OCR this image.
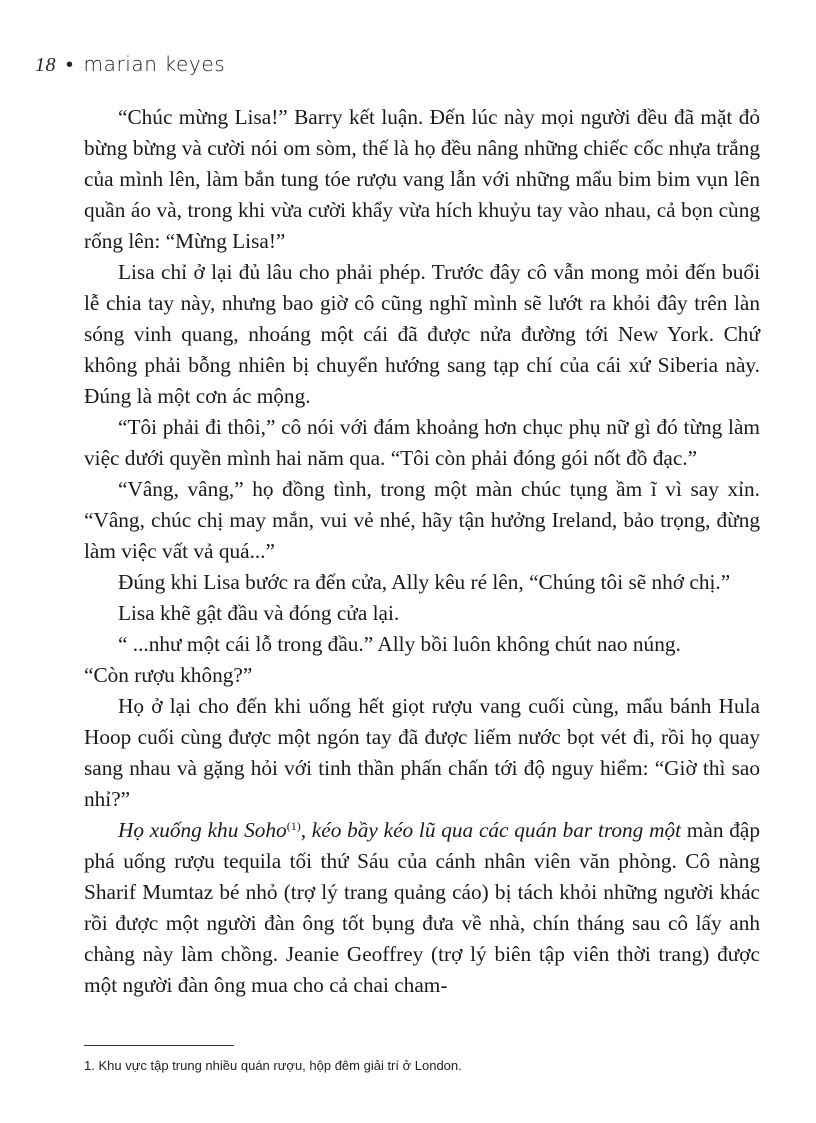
18 • marian keyes

“Chúc mừng Lisa!” Barry kết luận. Đến lúc này mọi người đều đã mặt đỏ bừng bừng và cười nói om sòm, thế là họ đều nâng những chiếc cốc nhựa trắng của mình lên, làm bắn tung tóe rượu vang lẫn với những mẩu bim bim vụn lên quần áo và, trong khi vừa cười khẩy vừa hích khuỷu tay vào nhau, cả bọn cùng rống lên: “Mừng Lisa!”

Lisa chỉ ở lại đủ lâu cho phải phép. Trước đây cô vẫn mong mỏi đến buổi lễ chia tay này, nhưng bao giờ cô cũng nghĩ mình sẽ lướt ra khỏi đây trên làn sóng vinh quang, nhoáng một cái đã được nửa đường tới New York. Chứ không phải bỗng nhiên bị chuyển hướng sang tạp chí của cái xứ Siberia này. Đúng là một cơn ác mộng.

“Tôi phải đi thôi,” cô nói với đám khoảng hơn chục phụ nữ gì đó từng làm việc dưới quyền mình hai năm qua. “Tôi còn phải đóng gói nốt đồ đạc.”

“Vâng, vâng,” họ đồng tình, trong một màn chúc tụng ầm ĩ vì say xỉn. “Vâng, chúc chị may mắn, vui vẻ nhé, hãy tận hưởng Ireland, bảo trọng, đừng làm việc vất vả quá...”

Đúng khi Lisa bước ra đến cửa, Ally kêu ré lên, “Chúng tôi sẽ nhớ chị.”

Lisa khẽ gật đầu và đóng cửa lại.

“ ...như một cái lỗ trong đầu.” Ally bồi luôn không chút nao núng.

“Còn rượu không?”

Họ ở lại cho đến khi uống hết giọt rượu vang cuối cùng, mẩu bánh Hula Hoop cuối cùng được một ngón tay đã được liếm nước bọt vét đi, rồi họ quay sang nhau và gặng hỏi với tinh thần phấn chấn tới độ nguy hiểm: “Giờ thì sao nhỉ?”

Họ xuống khu Soho$^{(1)}$, kéo bầy kéo lũ qua các quán bar trong một màn đập phá uống rượu tequila tối thứ Sáu của cánh nhân viên văn phòng. Cô nàng Sharif Mumtaz bé nhỏ (trợ lý trang quảng cáo) bị tách khỏi những người khác rồi được một người đàn ông tốt bụng đưa về nhà, chín tháng sau cô lấy anh chàng này làm chồng. Jeanie Geoffrey (trợ lý biên tập viên thời trang) được một người đàn ông mua cho cả chai cham-

1. Khu vực tập trung nhiều quán rượu, hộp đêm giải trí ở London.
